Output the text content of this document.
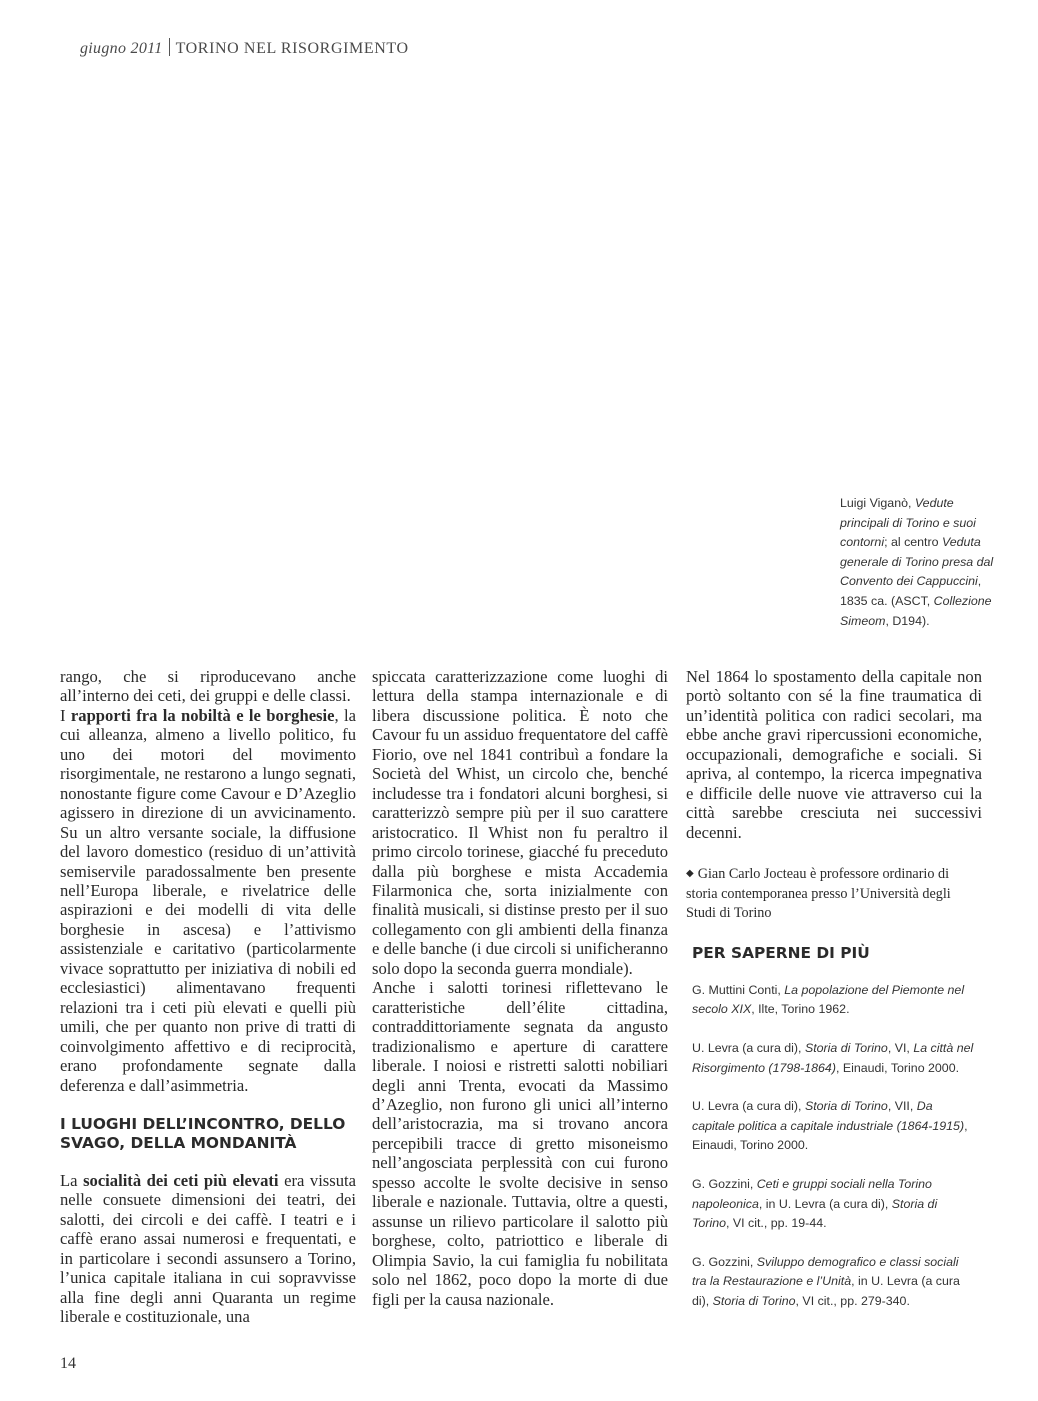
giugno 2011 TORINO NEL RISORGIMENTO
Luigi Viganò, Vedute principali di Torino e suoi contorni; al centro Veduta generale di Torino presa dal Convento dei Cappuccini, 1835 ca. (ASCT, Collezione Simeom, D194).

rango, che si riproducevano anche all’interno dei ceti, dei gruppi e delle classi.

I rapporti fra la nobiltà e le borghesie, la cui alleanza, almeno a livello politico, fu uno dei motori del movimento risorgimentale, ne restarono a lungo segnati, nonostante figure come Cavour e D’Azeglio agissero in direzione di un avvicinamento. Su un altro versante sociale, la diffusione del lavoro domestico (residuo di un’attività semiservile paradossalmente ben presente nell’Europa liberale, e rivelatrice delle aspirazioni e dei modelli di vita delle borghesie in ascesa) e l’attivismo assistenziale e caritativo (particolarmente vivace soprattutto per iniziativa di nobili ed ecclesiastici) alimentavano frequenti relazioni tra i ceti più elevati e quelli più umili, che per quanto non prive di tratti di coinvolgimento affettivo e di reciprocità, erano profondamente segnate dalla deferenza e dall’asimmetria.

I LUOGHI DELL’INCONTRO, DELLO SVAGO, DELLA MONDANITÀ

La socialità dei ceti più elevati era vissuta nelle consuete dimensioni dei teatri, dei salotti, dei circoli e dei caffè. I teatri e i caffè erano assai numerosi e frequentati, e in particolare i secondi assunsero a Torino, l’unica capitale italiana in cui sopravvisse alla fine degli anni Quaranta un regime liberale e costituzionale, una

spiccata caratterizzazione come luoghi di lettura della stampa internazionale e di libera discussione politica. È noto che Cavour fu un assiduo frequentatore del caffè Fiorio, ove nel 1841 contribuì a fondare la Società del Whist, un circolo che, benché includesse tra i fondatori alcuni borghesi, si caratterizzò sempre più per il suo carattere aristocratico. Il Whist non fu peraltro il primo circolo torinese, giacché fu preceduto dalla più borghese e mista Accademia Filarmonica che, sorta inizialmente con finalità musicali, si distinse presto per il suo collegamento con gli ambienti della finanza e delle banche (i due circoli si unificheranno solo dopo la seconda guerra mondiale).

Anche i salotti torinesi riflettevano le caratteristiche dell’élite cittadina, contraddittoriamente segnata da angusto tradizionalismo e aperture di carattere liberale. I noiosi e ristretti salotti nobiliari degli anni Trenta, evocati da Massimo d’Azeglio, non furono gli unici all’interno dell’aristocrazia, ma si trovano ancora percepibili tracce di gretto misoneismo nell’angosciata perplessità con cui furono spesso accolte le svolte decisive in senso liberale e nazionale. Tuttavia, oltre a questi, assunse un rilievo particolare il salotto più borghese, colto, patriottico e liberale di Olimpia Savio, la cui famiglia fu nobilitata solo nel 1862, poco dopo la morte di due figli per la causa nazionale.

Nel 1864 lo spostamento della capitale non portò soltanto con sé la fine traumatica di un’identità politica con radici secolari, ma ebbe anche gravi ripercussioni economiche, occupazionali, demografiche e sociali. Si apriva, al contempo, la ricerca impegnativa e difficile delle nuove vie attraverso cui la città sarebbe cresciuta nei successivi decenni.

◆ Gian Carlo Jocteau è professore ordinario di storia contemporanea presso l’Università degli Studi di Torino

PER SAPERNE DI PIÙ
G. Muttini Conti, La popolazione del Piemonte nel secolo XIX, Ilte, Torino 1962.
U. Levra (a cura di), Storia di Torino, VI, La città nel Risorgimento (1798-1864), Einaudi, Torino 2000.
U. Levra (a cura di), Storia di Torino, VII, Da capitale politica a capitale industriale (1864-1915), Einaudi, Torino 2000.
G. Gozzini, Ceti e gruppi sociali nella Torino napoleonica, in U. Levra (a cura di), Storia di Torino, VI cit., pp. 19-44.
G. Gozzini, Sviluppo demografico e classi sociali tra la Restaurazione e l’Unità, in U. Levra (a cura di), Storia di Torino, VI cit., pp. 279-340.
14
